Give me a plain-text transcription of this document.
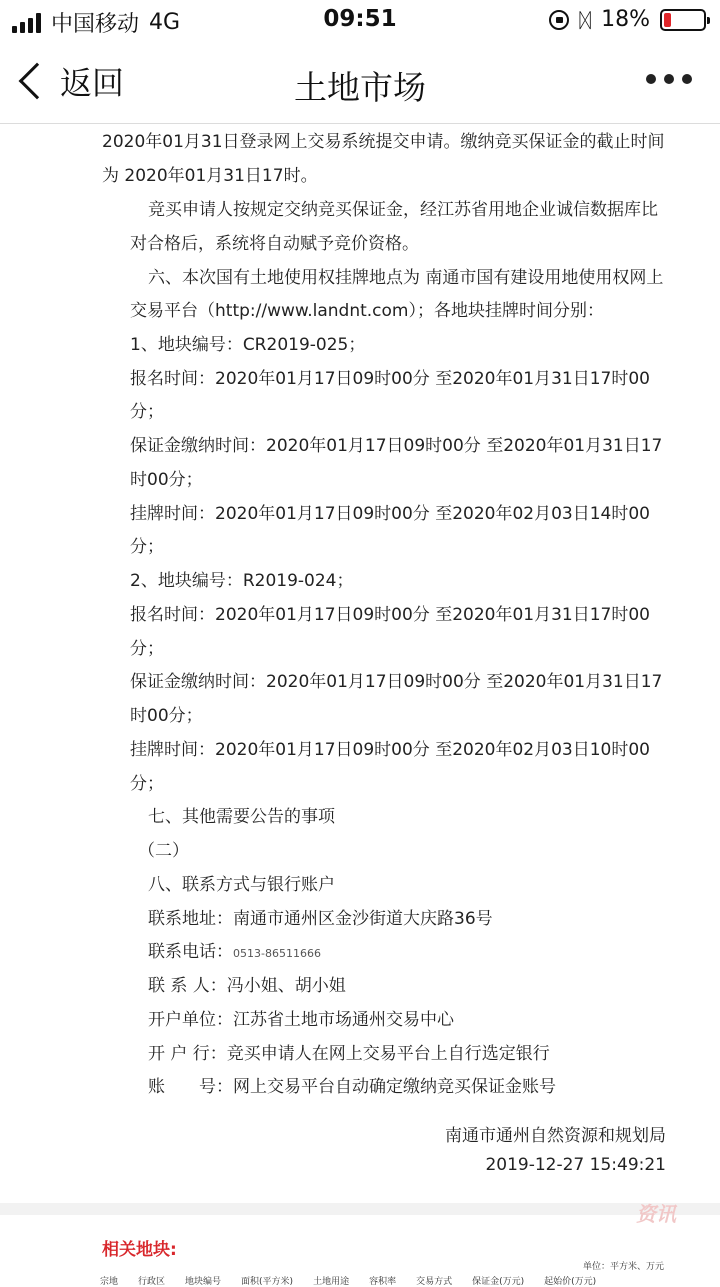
中国移动 4G	09:51	ᛞ 18%
返回	土地市场
2020年01月31日登录网上交易系统提交申请。缴纳竞买保证金的截止时间
为 2020年01月31日17时。
竞买申请人按规定交纳竞买保证金，经江苏省用地企业诚信数据库比
对合格后，系统将自动赋予竞价资格。
六、本次国有土地使用权挂牌地点为 南通市国有建设用地使用权网上
交易平台（http://www.landnt.com）；各地块挂牌时间分别：
1、地块编号：CR2019-025；
报名时间：2020年01月17日09时00分 至2020年01月31日17时00
分；
保证金缴纳时间：2020年01月17日09时00分 至2020年01月31日17
时00分；
挂牌时间：2020年01月17日09时00分 至2020年02月03日14时00
分；
2、地块编号：R2019-024；
报名时间：2020年01月17日09时00分 至2020年01月31日17时00
分；
保证金缴纳时间：2020年01月17日09时00分 至2020年01月31日17
时00分；
挂牌时间：2020年01月17日09时00分 至2020年02月03日10时00
分；
七、其他需要公告的事项
（二）
八、联系方式与银行账户
联系地址：南通市通州区金沙街道大庆路36号
联系电话：0513-86511666
联 系 人：冯小姐、胡小姐
开户单位：江苏省土地市场通州交易中心
开 户 行：竞买申请人在网上交易平台上自行选定银行
账　　号：网上交易平台自动确定缴纳竞买保证金账号
南通市通州自然资源和规划局
2019-12-27 15:49:21
资讯
相关地块:
单位：平方米、万元
宗地 行政区 地块编号 面积(平方米) 土地用途 容积率 交易方式 保证金(万元) 起始价(万元)
